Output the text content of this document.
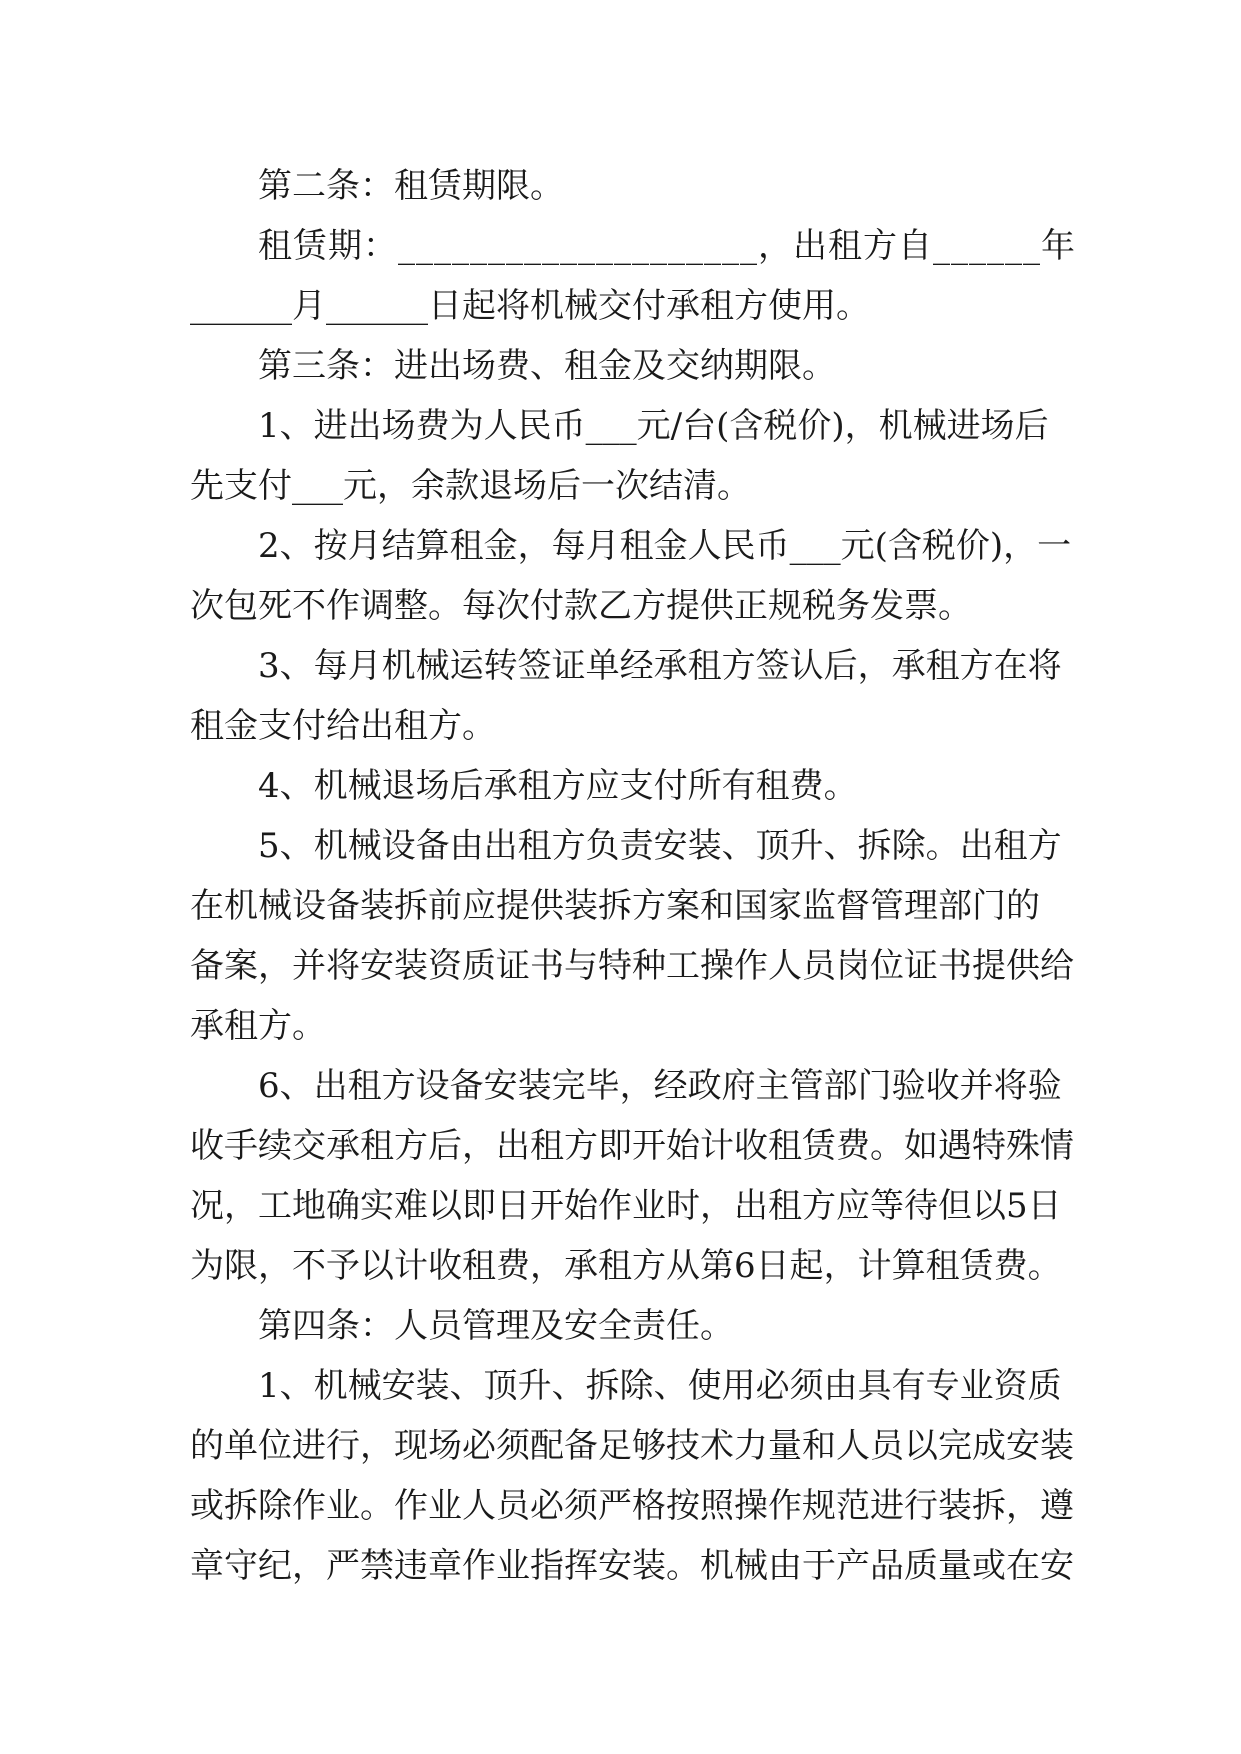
第二条：租赁期限。
租赁期：____________________，出租方自______年
______月______日起将机械交付承租方使用。
第三条：进出场费、租金及交纳期限。
1、进出场费为人民币___元/台(含税价)，机械进场后
先支付___元，余款退场后一次结清。
2、按月结算租金，每月租金人民币___元(含税价)，一
次包死不作调整。每次付款乙方提供正规税务发票。
3、每月机械运转签证单经承租方签认后，承租方在将
租金支付给出租方。
4、机械退场后承租方应支付所有租费。
5、机械设备由出租方负责安装、顶升、拆除。出租方
在机械设备装拆前应提供装拆方案和国家监督管理部门的
备案，并将安装资质证书与特种工操作人员岗位证书提供给
承租方。
6、出租方设备安装完毕，经政府主管部门验收并将验
收手续交承租方后，出租方即开始计收租赁费。如遇特殊情
况，工地确实难以即日开始作业时，出租方应等待但以5日
为限，不予以计收租费，承租方从第6日起，计算租赁费。
第四条：人员管理及安全责任。
1、机械安装、顶升、拆除、使用必须由具有专业资质
的单位进行，现场必须配备足够技术力量和人员以完成安装
或拆除作业。作业人员必须严格按照操作规范进行装拆，遵
章守纪，严禁违章作业指挥安装。机械由于产品质量或在安
